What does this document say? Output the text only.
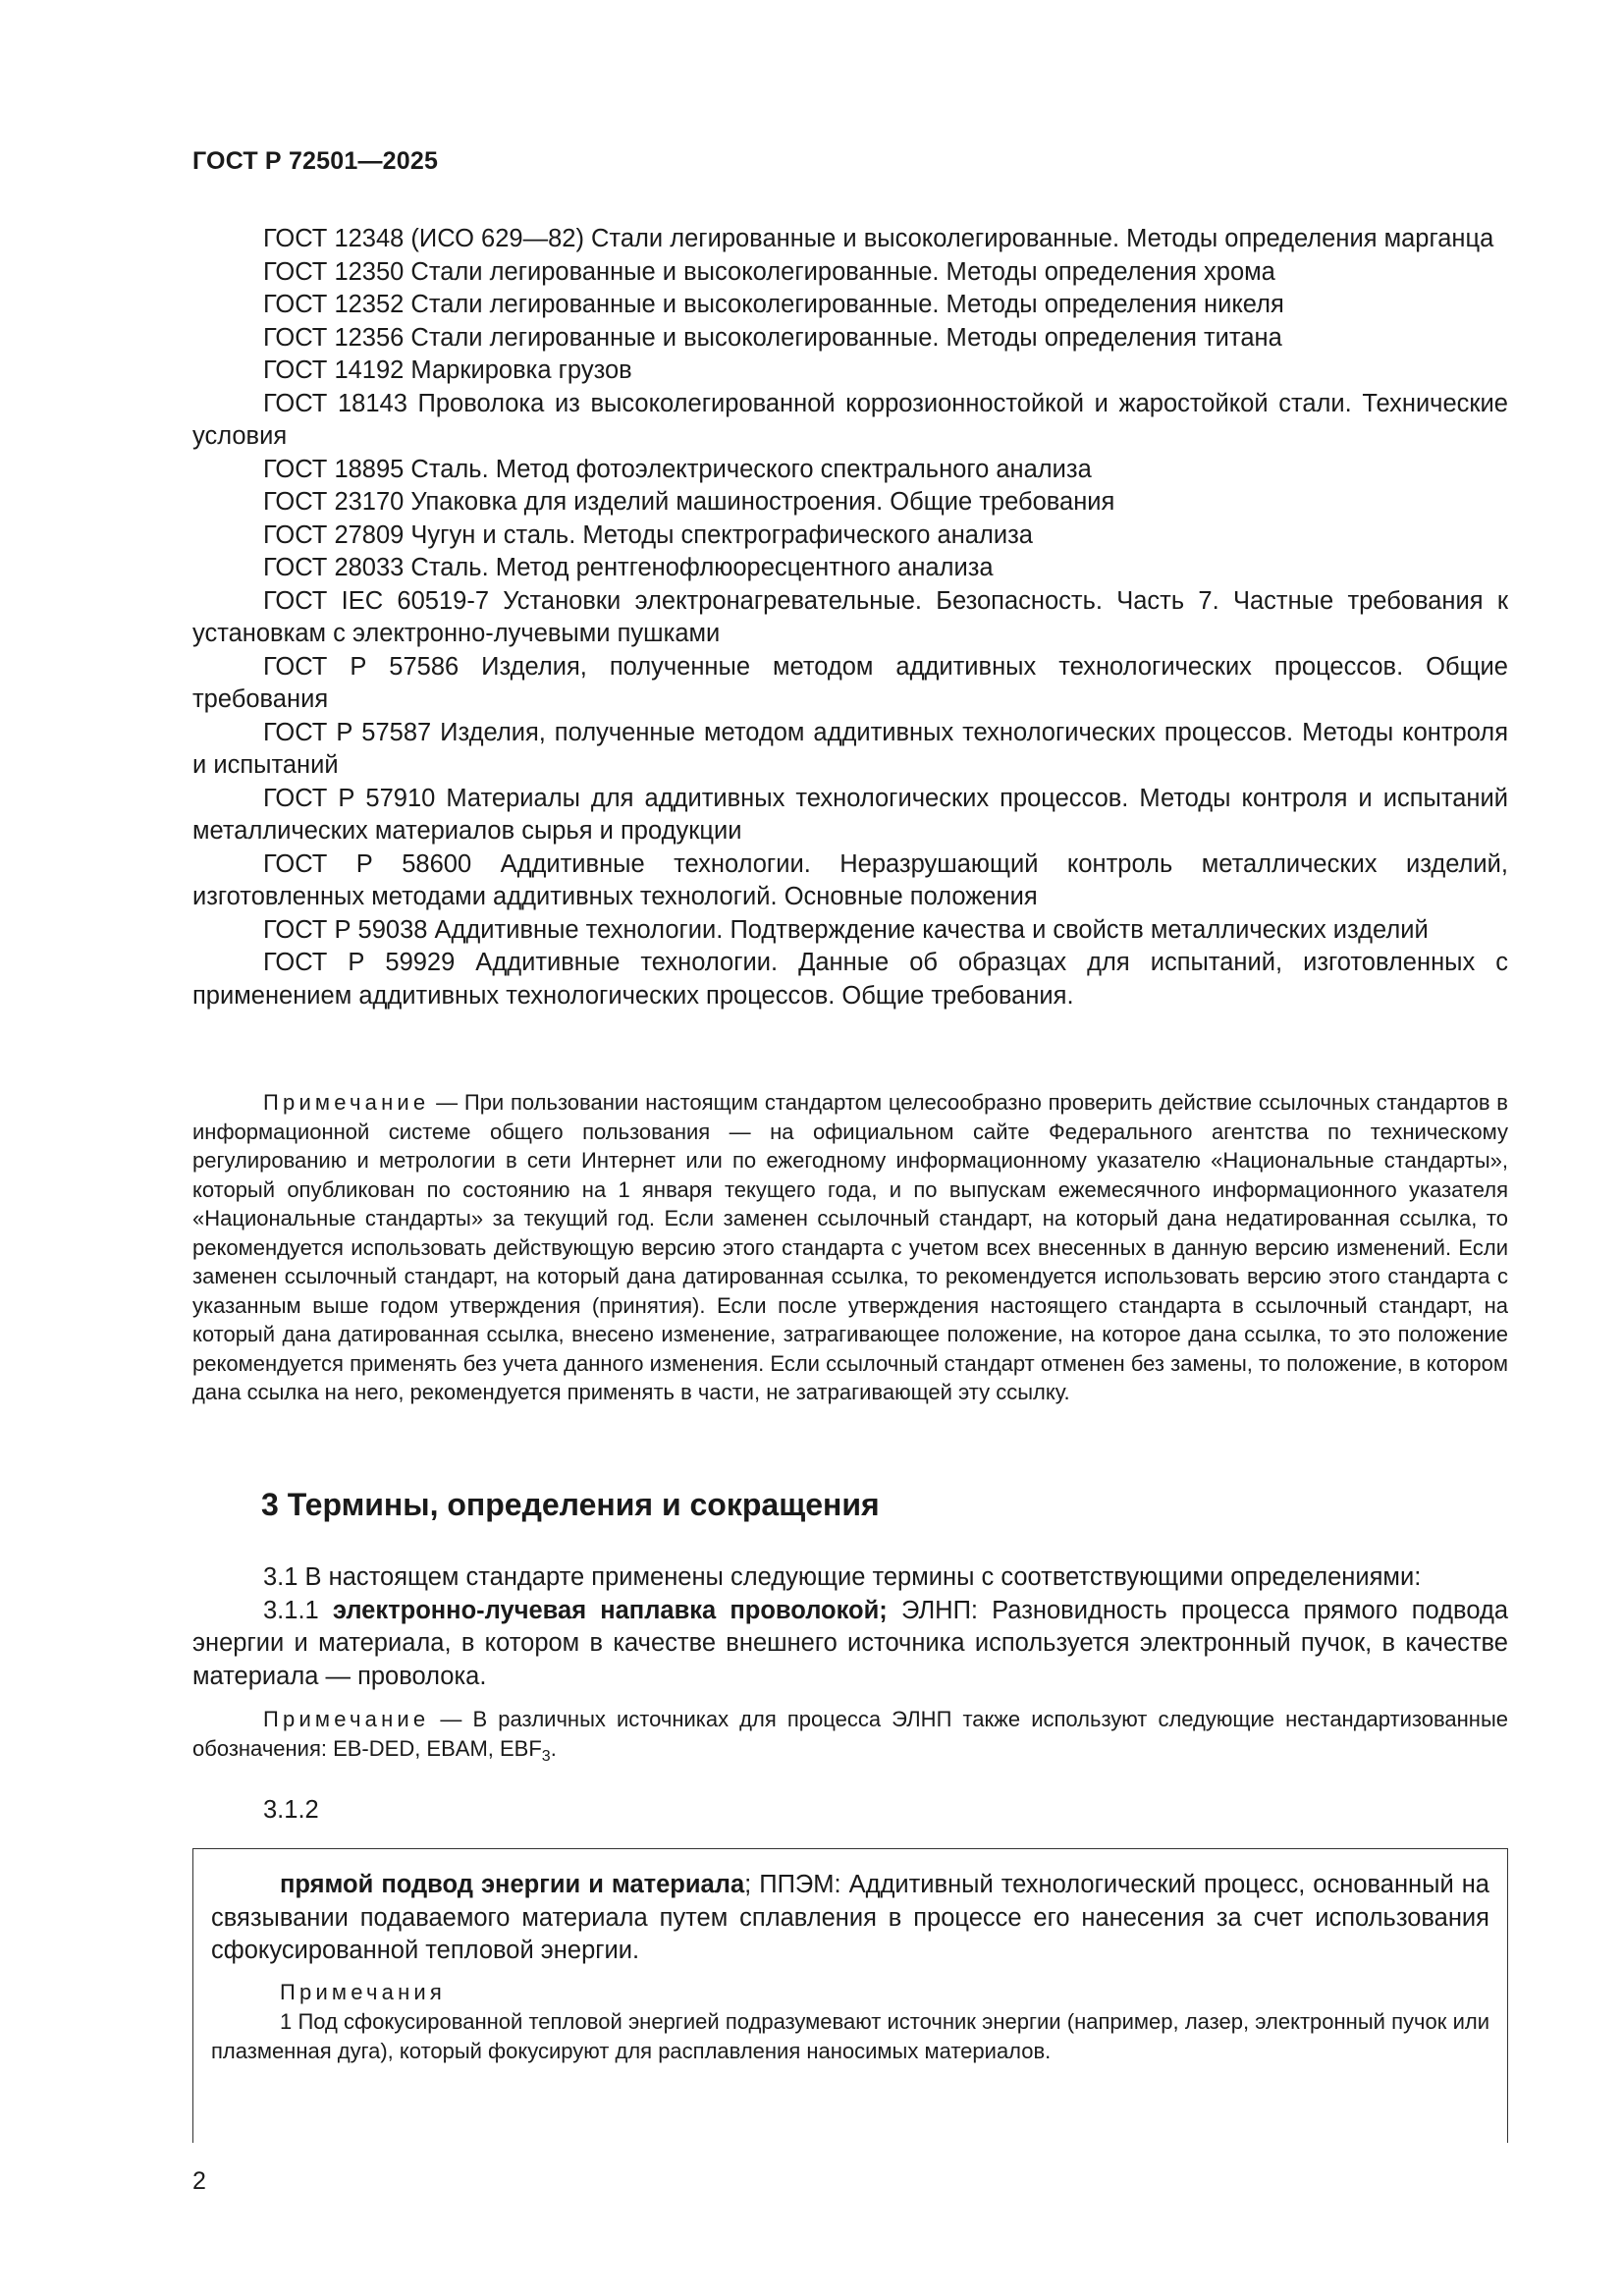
ГОСТ Р 72501—2025

ГОСТ 12348 (ИСО 629—82) Стали легированные и высоколегированные. Методы определения марганца

ГОСТ 12350 Стали легированные и высоколегированные. Методы определения хрома

ГОСТ 12352 Стали легированные и высоколегированные. Методы определения никеля

ГОСТ 12356 Стали легированные и высоколегированные. Методы определения титана

ГОСТ 14192 Маркировка грузов

ГОСТ 18143 Проволока из высоколегированной коррозионностойкой и жаростойкой стали. Технические условия

ГОСТ 18895 Сталь. Метод фотоэлектрического спектрального анализа

ГОСТ 23170 Упаковка для изделий машиностроения. Общие требования

ГОСТ 27809 Чугун и сталь. Методы спектрографического анализа

ГОСТ 28033 Сталь. Метод рентгенофлюоресцентного анализа

ГОСТ IEC 60519-7 Установки электронагревательные. Безопасность. Часть 7. Частные требования к установкам с электронно-лучевыми пушками

ГОСТ Р 57586 Изделия, полученные методом аддитивных технологических процессов. Общие требования

ГОСТ Р 57587 Изделия, полученные методом аддитивных технологических процессов. Методы контроля и испытаний

ГОСТ Р 57910 Материалы для аддитивных технологических процессов. Методы контроля и испытаний металлических материалов сырья и продукции

ГОСТ Р 58600 Аддитивные технологии. Неразрушающий контроль металлических изделий, изготовленных методами аддитивных технологий. Основные положения

ГОСТ Р 59038 Аддитивные технологии. Подтверждение качества и свойств металлических изделий

ГОСТ Р 59929 Аддитивные технологии. Данные об образцах для испытаний, изготовленных с применением аддитивных технологических процессов. Общие требования.

Примечание — При пользовании настоящим стандартом целесообразно проверить действие ссылочных стандартов в информационной системе общего пользования — на официальном сайте Федерального агентства по техническому регулированию и метрологии в сети Интернет или по ежегодному информационному указателю «Национальные стандарты», который опубликован по состоянию на 1 января текущего года, и по выпускам ежемесячного информационного указателя «Национальные стандарты» за текущий год. Если заменен ссылочный стандарт, на который дана недатированная ссылка, то рекомендуется использовать действующую версию этого стандарта с учетом всех внесенных в данную версию изменений. Если заменен ссылочный стандарт, на который дана датированная ссылка, то рекомендуется использовать версию этого стандарта с указанным выше годом утверждения (принятия). Если после утверждения настоящего стандарта в ссылочный стандарт, на который дана датированная ссылка, внесено изменение, затрагивающее положение, на которое дана ссылка, то это положение рекомендуется применять без учета данного изменения. Если ссылочный стандарт отменен без замены, то положение, в котором дана ссылка на него, рекомендуется применять в части, не затрагивающей эту ссылку.

3 Термины, определения и сокращения

3.1 В настоящем стандарте применены следующие термины с соответствующими определениями:

3.1.1 электронно-лучевая наплавка проволокой; ЭЛНП: Разновидность процесса прямого подвода энергии и материала, в котором в качестве внешнего источника используется электронный пучок, в качестве материала — проволока.

Примечание — В различных источниках для процесса ЭЛНП также используют следующие нестандартизованные обозначения: EB-DED, EBAM, $EBF_3$.

3.1.2

прямой подвод энергии и материала; ППЭМ: Аддитивный технологический процесс, основанный на связывании подаваемого материала путем сплавления в процессе его нанесения за счет использования сфокусированной тепловой энергии.

Примечания

1 Под сфокусированной тепловой энергией подразумевают источник энергии (например, лазер, электронный пучок или плазменная дуга), который фокусируют для расплавления наносимых материалов.

2
